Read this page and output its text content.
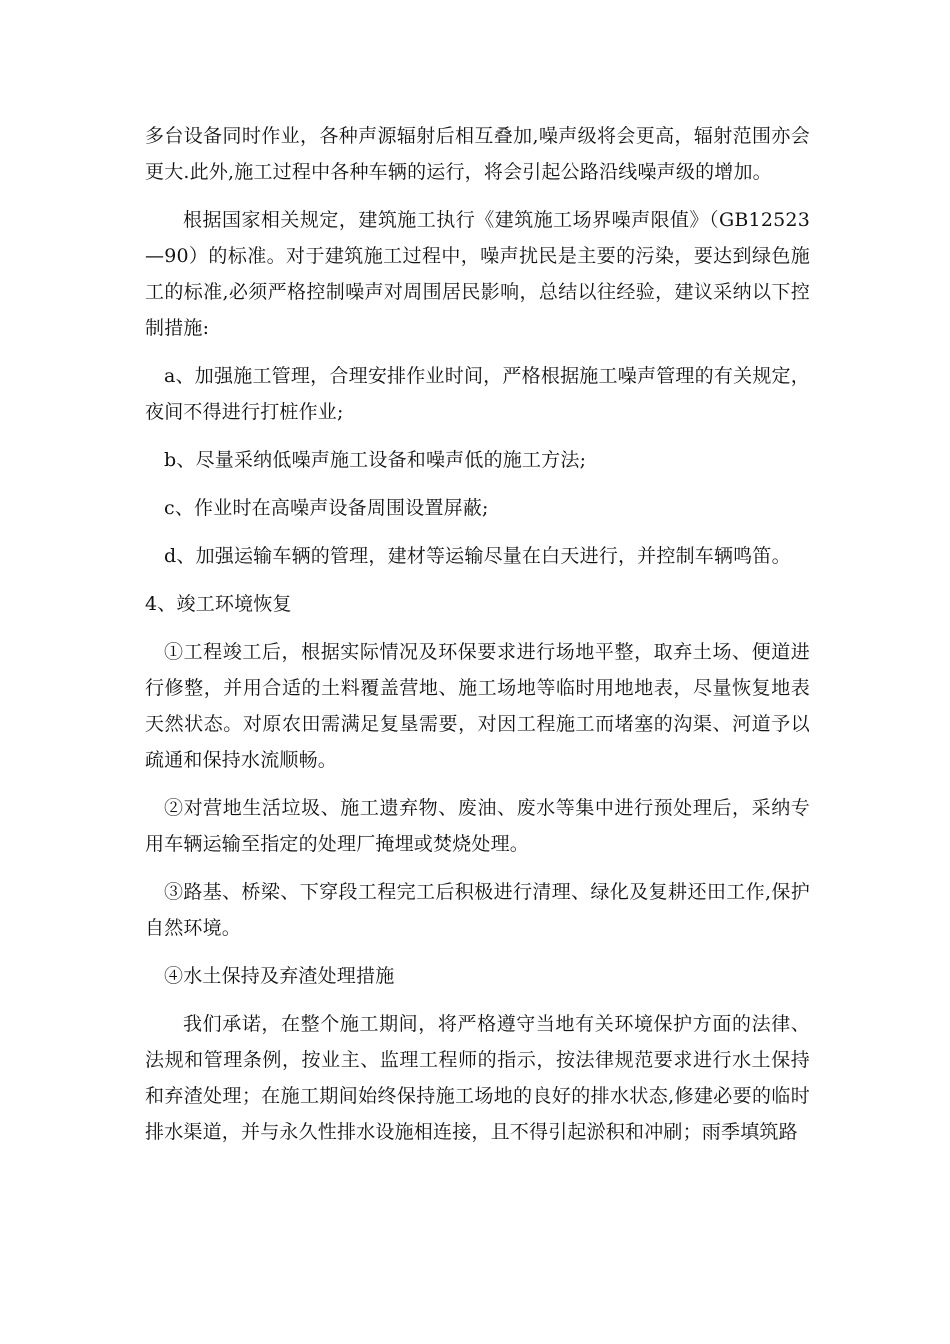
多台设备同时作业，各种声源辐射后相互叠加,噪声级将会更高，辐射范围亦会更大.此外,施工过程中各种车辆的运行，将会引起公路沿线噪声级的增加。

根据国家相关规定，建筑施工执行《建筑施工场界噪声限值》（GB12523—90）的标准。对于建筑施工过程中，噪声扰民是主要的污染，要达到绿色施工的标准,必须严格控制噪声对周围居民影响，总结以往经验，建议采纳以下控制措施:

a、加强施工管理，合理安排作业时间，严格根据施工噪声管理的有关规定，夜间不得进行打桩作业;

b、尽量采纳低噪声施工设备和噪声低的施工方法;

c、作业时在高噪声设备周围设置屏蔽;

d、加强运输车辆的管理，建材等运输尽量在白天进行，并控制车辆鸣笛。

4、竣工环境恢复

①工程竣工后，根据实际情况及环保要求进行场地平整，取弃土场、便道进行修整，并用合适的土料覆盖营地、施工场地等临时用地地表，尽量恢复地表天然状态。对原农田需满足复垦需要，对因工程施工而堵塞的沟渠、河道予以疏通和保持水流顺畅。

②对营地生活垃圾、施工遗弃物、废油、废水等集中进行预处理后，采纳专用车辆运输至指定的处理厂掩埋或焚烧处理。

③路基、桥梁、下穿段工程完工后积极进行清理、绿化及复耕还田工作,保护自然环境。

④水土保持及弃渣处理措施

我们承诺，在整个施工期间，将严格遵守当地有关环境保护方面的法律、法规和管理条例，按业主、监理工程师的指示，按法律规范要求进行水土保持和弃渣处理；在施工期间始终保持施工场地的良好的排水状态,修建必要的临时排水渠道，并与永久性排水设施相连接，且不得引起淤积和冲刷；雨季填筑路
